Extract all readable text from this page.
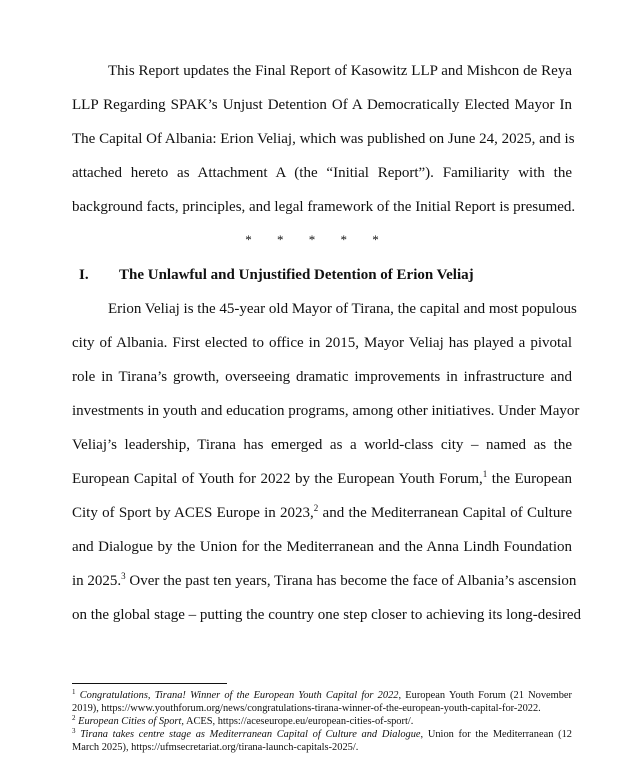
This Report updates the Final Report of Kasowitz LLP and Mishcon de Reya
LLP Regarding SPAK’s Unjust Detention Of A Democratically Elected Mayor In
The Capital Of Albania: Erion Veliaj, which was published on June 24, 2025, and is
attached hereto as Attachment A (the “Initial Report”). Familiarity with the
background facts, principles, and legal framework of the Initial Report is presumed.
* * * * *
I. The Unlawful and Unjustified Detention of Erion Veliaj
Erion Veliaj is the 45-year old Mayor of Tirana, the capital and most populous
city of Albania. First elected to office in 2015, Mayor Veliaj has played a pivotal
role in Tirana’s growth, overseeing dramatic improvements in infrastructure and
investments in youth and education programs, among other initiatives. Under Mayor
Veliaj’s leadership, Tirana has emerged as a world-class city – named as the
European Capital of Youth for 2022 by the European Youth Forum,$^1$ the European
City of Sport by ACES Europe in 2023,$^2$ and the Mediterranean Capital of Culture
and Dialogue by the Union for the Mediterranean and the Anna Lindh Foundation
in 2025.$^3$ Over the past ten years, Tirana has become the face of Albania’s ascension
on the global stage – putting the country one step closer to achieving its long-desired
$^1$ Congratulations, Tirana! Winner of the European Youth Capital for 2022, European Youth Forum (21 November
2019), https://www.youthforum.org/news/congratulations-tirana-winner-of-the-european-youth-capital-for-2022.
$^2$ European Cities of Sport, ACES, https://aceseurope.eu/european-cities-of-sport/.
$^3$ Tirana takes centre stage as Mediterranean Capital of Culture and Dialogue, Union for the Mediterranean (12
March 2025), https://ufmsecretariat.org/tirana-launch-capitals-2025/.
